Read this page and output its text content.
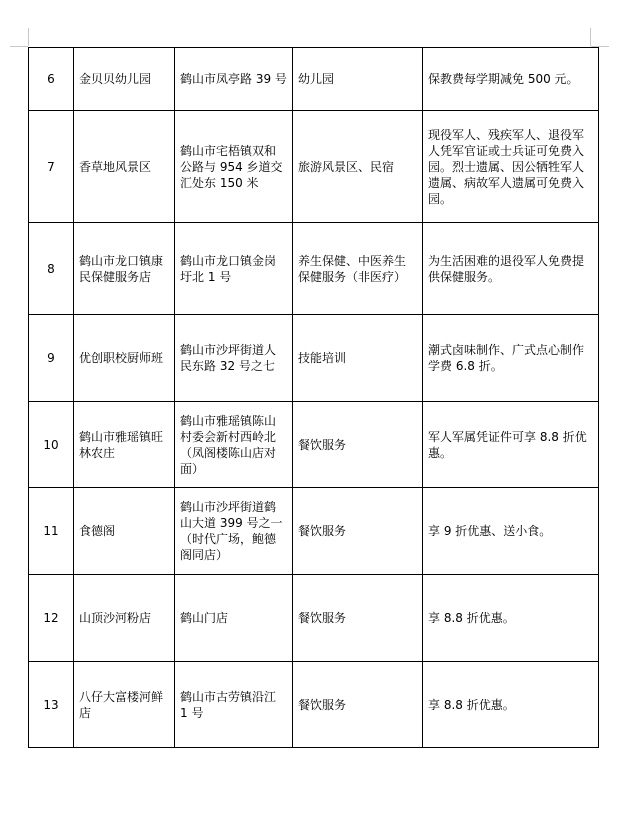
6	金贝贝幼儿园	鹤山市凤亭路 39 号	幼儿园	保教费每学期减免 500 元。
7	香草地风景区	鹤山市宅梧镇双和公路与 954 乡道交汇处东 150 米	旅游风景区、民宿	现役军人、残疾军人、退役军人凭军官证或士兵证可免费入园。烈士遗属、因公牺牲军人遗属、病故军人遗属可免费入园。
8	鹤山市龙口镇康民保健服务店	鹤山市龙口镇金岗圩北 1 号	养生保健、中医养生保健服务（非医疗）	为生活困难的退役军人免费提供保健服务。
9	优创职校厨师班	鹤山市沙坪街道人民东路 32 号之七	技能培训	潮式卤味制作、广式点心制作学费 6.8 折。
10	鹤山市雅瑶镇旺林农庄	鹤山市雅瑶镇陈山村委会新村西岭北（凤阁楼陈山店对面）	餐饮服务	军人军属凭证件可享 8.8 折优惠。
11	食德阁	鹤山市沙坪街道鹤山大道 399 号之一（时代广场，鲍德阁同店）	餐饮服务	享 9 折优惠、送小食。
12	山顶沙河粉店	鹤山门店	餐饮服务	享 8.8 折优惠。
13	八仔大富楼河鲜店	鹤山市古劳镇沿江 1 号	餐饮服务	享 8.8 折优惠。
